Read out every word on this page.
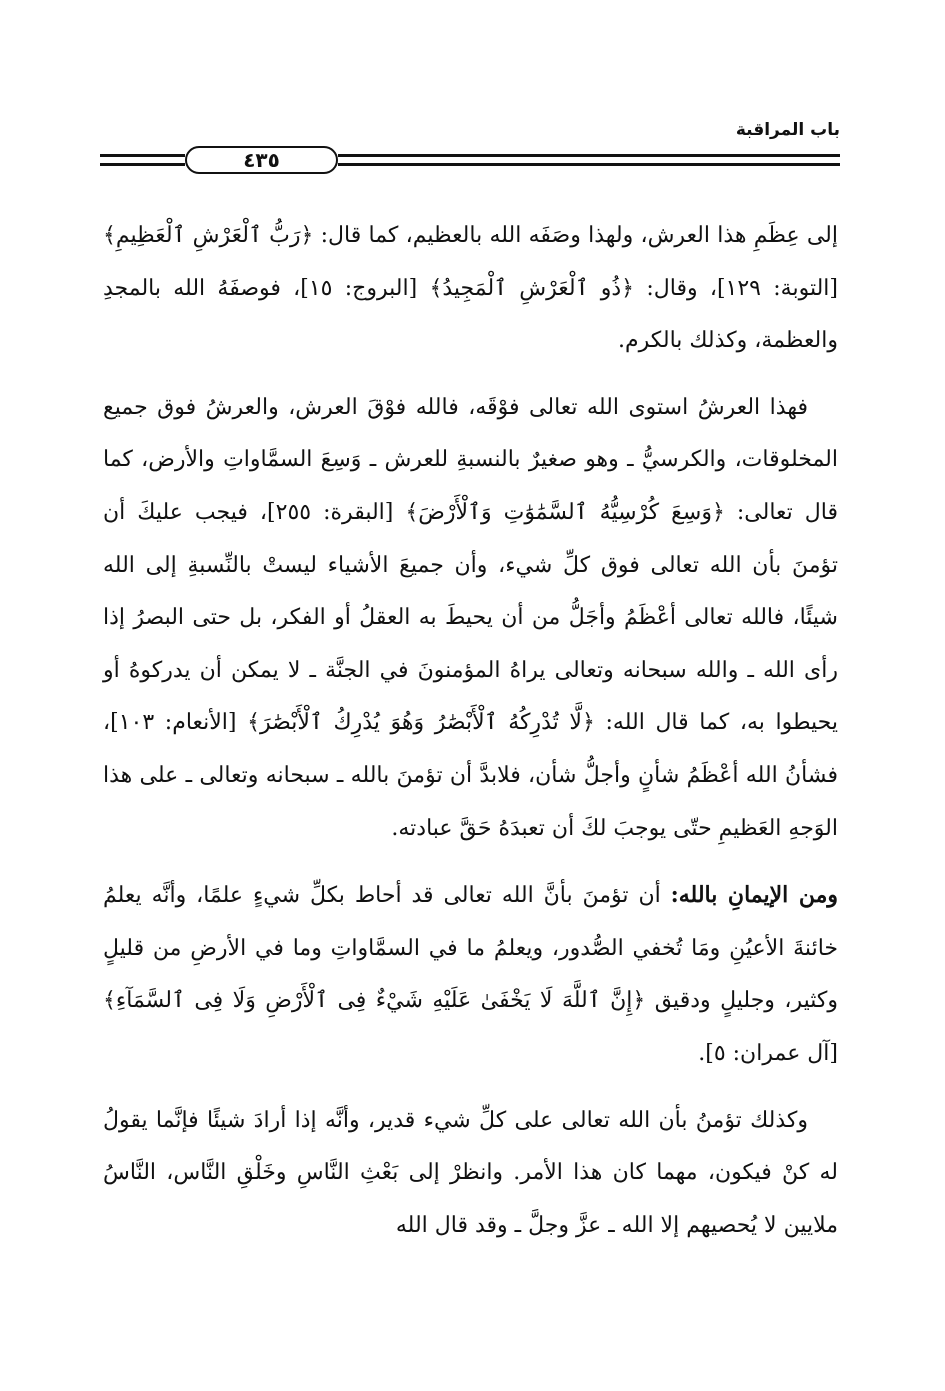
باب المراقبة
٤٣٥

إلى عِظَمِ هذا العرش، ولهذا وصَفَه الله بالعظيم، كما قال: ﴿رَبُّ ٱلْعَرْشِ ٱلْعَظِيمِ﴾ [التوبة: ١٢٩]، وقال: ﴿ذُو ٱلْعَرْشِ ٱلْمَجِيدُ﴾ [البروج: ١٥]، فوصفَهُ الله بالمجدِ والعظمة، وكذلك بالكرم.

فهذا العرشُ استوى الله تعالى فوْقَه، فالله فوْقَ العرش، والعرشُ فوق جميع المخلوقات، والكرسيُّ ـ وهو صغيرٌ بالنسبةِ للعرش ـ وَسِعَ السمَّاواتِ والأرض، كما قال تعالى: ﴿وَسِعَ كُرْسِيُّهُ ٱلسَّمَٰوَٰتِ وَٱلْأَرْضَ﴾ [البقرة: ٢٥٥]، فيجب عليكَ أن تؤمنَ بأن الله تعالى فوق كلِّ شيء، وأن جميعَ الأشياء ليستْ بالنِّسبةِ إلى الله شيئًا، فالله تعالى أعْظَمُ وأجَلُّ من أن يحيطَ به العقلُ أو الفكر، بل حتى البصرُ إذا رأى الله ـ والله سبحانه وتعالى يراهُ المؤمنونَ في الجنَّة ـ لا يمكن أن يدركوهُ أو يحيطوا به، كما قال الله: ﴿لَّا تُدْرِكُهُ ٱلْأَبْصَٰرُ وَهُوَ يُدْرِكُ ٱلْأَبْصَٰرَ﴾ [الأنعام: ١٠٣]، فشأنُ الله أعْظَمُ شأنٍ وأجلُّ شأن، فلابدَّ أن تؤمنَ بالله ـ سبحانه وتعالى ـ على هذا الوَجهِ العَظيمِ حتّى يوجبَ لكَ أن تعبدَهُ حَقَّ عبادته.

ومن الإيمانِ بالله: أن تؤمنَ بأنَّ الله تعالى قد أحاط بكلِّ شيءٍ علمًا، وأنَّه يعلمُ خائنةَ الأعيُنِ ومَا تُخفي الصُّدور، ويعلمُ ما في السمَّاواتِ وما في الأرضِ من قليلٍ وكثير، وجليلٍ ودقيق ﴿إِنَّ ٱللَّهَ لَا يَخْفَىٰ عَلَيْهِ شَيْءٌ فِى ٱلْأَرْضِ وَلَا فِى ٱلسَّمَآءِ﴾ [آل عمران: ٥].

وكذلك تؤمنُ بأن الله تعالى على كلِّ شيء قدير، وأنَّه إذا أرادَ شيئًا فإنَّما يقولُ له كنْ فيكون، مهما كان هذا الأمر. وانظرْ إلى بَعْثِ النَّاسِ وخَلْقِ النَّاس، النَّاسُ ملايين لا يُحصيهم إلا الله ـ عزَّ وجلَّ ـ وقد قال الله
